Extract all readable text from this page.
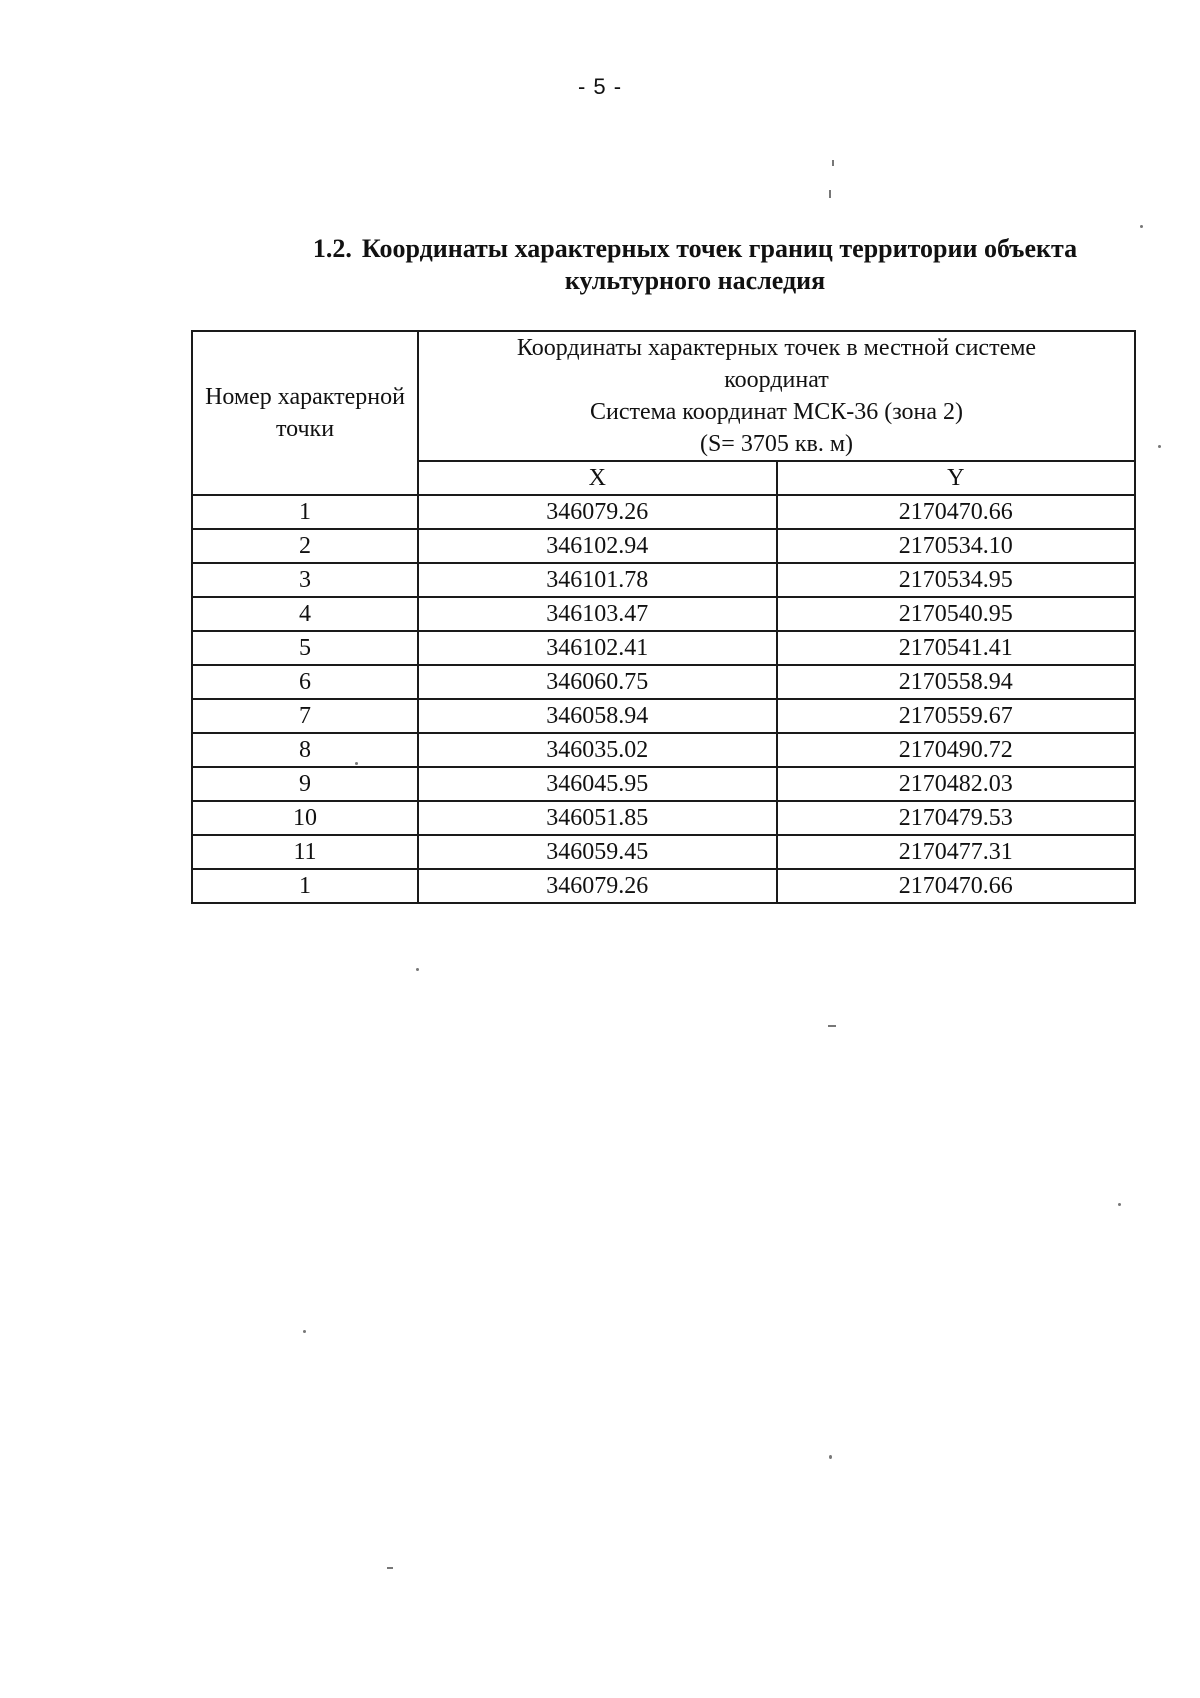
- 5 -
1.2. Координаты характерных точек границ территории объекта
культурного наследия
Номер характерной точки	Координаты характерных точек в местной системе
координат
Система координат МСК-36 (зона 2)
(S= 3705 кв. м)	

	X	Y
1	346079.26	2170470.66
2	346102.94	2170534.10
3	346101.78	2170534.95
4	346103.47	2170540.95
5	346102.41	2170541.41
6	346060.75	2170558.94
7	346058.94	2170559.67
8	346035.02	2170490.72
9	346045.95	2170482.03
10	346051.85	2170479.53
11	346059.45	2170477.31
1	346079.26	2170470.66
